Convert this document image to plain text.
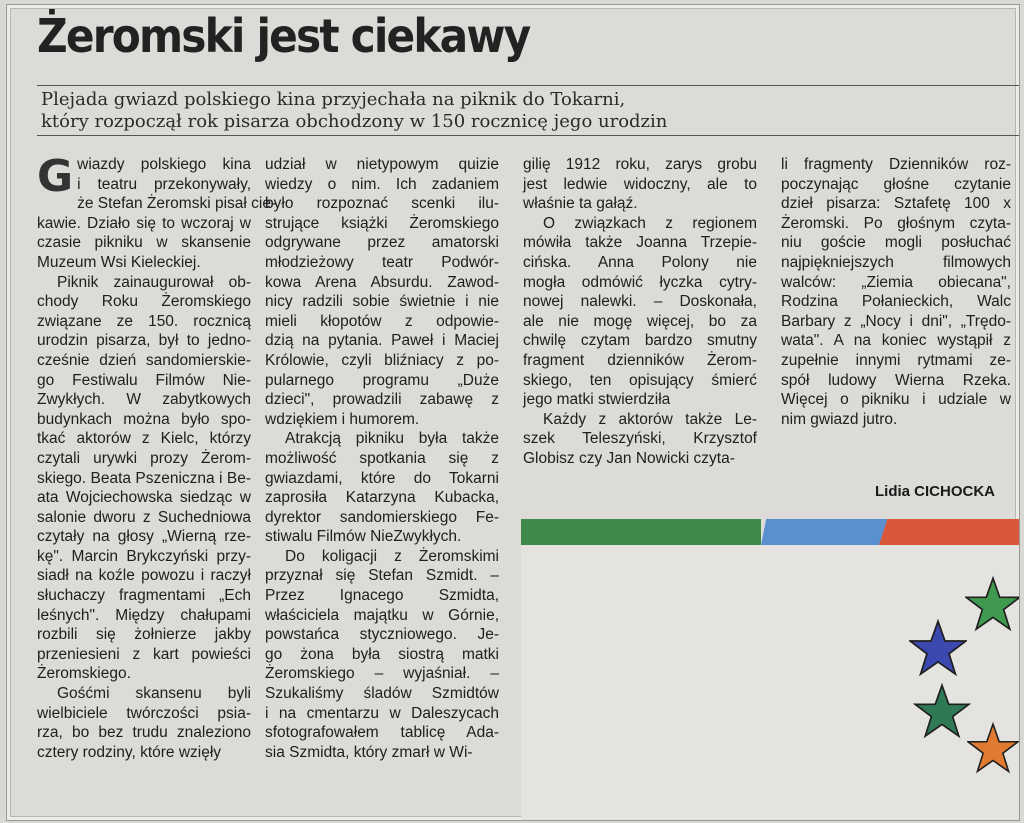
Żeromski jest ciekawy
Plejada gwiazd polskiego kina przyjechała na piknik do Tokarni,
który rozpoczął rok pisarza obchodzony w 150 rocznicę jego urodzin
G wiazdy polskiego kina
i teatru przekonywały,
że Stefan Żeromski pisał cie-
kawie. Działo się to wczoraj w
czasie pikniku w skansenie
Muzeum Wsi Kieleckiej.
Piknik zainaugurował ob-
chody Roku Żeromskiego
związane ze 150. rocznicą
urodzin pisarza, był to jedno-
cześnie dzień sandomierskie-
go Festiwalu Filmów Nie-
Zwykłych. W zabytkowych
budynkach można było spo-
tkać aktorów z Kielc, którzy
czytali urywki prozy Żerom-
skiego. Beata Pszeniczna i Be-
ata Wojciechowska siedząc w
salonie dworu z Suchedniowa
czytały na głosy „Wierną rze-
kę". Marcin Brykczyński przy-
siadł na koźle powozu i raczył
słuchaczy fragmentami „Ech
leśnych". Między chałupami
rozbili się żołnierze jakby
przeniesieni z kart powieści
Żeromskiego.
Gośćmi skansenu byli
wielbiciele twórczości psia-
rza, bo bez trudu znaleziono
cztery rodziny, które wzięły
udział w nietypowym quizie
wiedzy o nim. Ich zadaniem
było rozpoznać scenki ilu-
strujące książki Żeromskiego
odgrywane przez amatorski
młodzieżowy teatr Podwór-
kowa Arena Absurdu. Zawod-
nicy radzili sobie świetnie i nie
mieli kłopotów z odpowie-
dzią na pytania. Paweł i Maciej
Królowie, czyli bliźniacy z po-
pularnego programu „Duże
dzieci", prowadzili zabawę z
wdziękiem i humorem.
Atrakcją pikniku była także
możliwość spotkania się z
gwiazdami, które do Tokarni
zaprosiła Katarzyna Kubacka,
dyrektor sandomierskiego Fe-
stiwalu Filmów NieZwykłych.
Do koligacji z Żeromskimi
przyznał się Stefan Szmidt. –
Przez Ignacego Szmidta,
właściciela majątku w Górnie,
powstańca styczniowego. Je-
go żona była siostrą matki
Żeromskiego – wyjaśniał. –
Szukaliśmy śladów Szmidtów
i na cmentarzu w Daleszycach
sfotografowałem tablicę Ada-
sia Szmidta, który zmarł w Wi-
gilię 1912 roku, zarys grobu
jest ledwie widoczny, ale to
właśnie ta gałąź.
O związkach z regionem
mówiła także Joanna Trzepie-
cińska. Anna Polony nie
mogła odmówić łyczka cytry-
nowej nalewki. – Doskonała,
ale nie mogę więcej, bo za
chwilę czytam bardzo smutny
fragment dzienników Żerom-
skiego, ten opisujący śmierć
jego matki stwierdziła
Każdy z aktorów także Le-
szek Teleszyński, Krzysztof
Globisz czy Jan Nowicki czyta-
li fragmenty Dzienników roz-
poczynając głośne czytanie
dzieł pisarza: Sztafetę 100 x
Żeromski. Po głośnym czyta-
niu goście mogli posłuchać
najpiękniejszych filmowych
walców: „Ziemia obiecana",
Rodzina Połanieckich, Walc
Barbary z „Nocy i dni", „Trędo-
wata". A na koniec wystąpił z
zupełnie innymi rytmami ze-
spół ludowy Wierna Rzeka.
Więcej o pikniku i udziale w
nim gwiazd jutro.
Lidia CICHOCKA
